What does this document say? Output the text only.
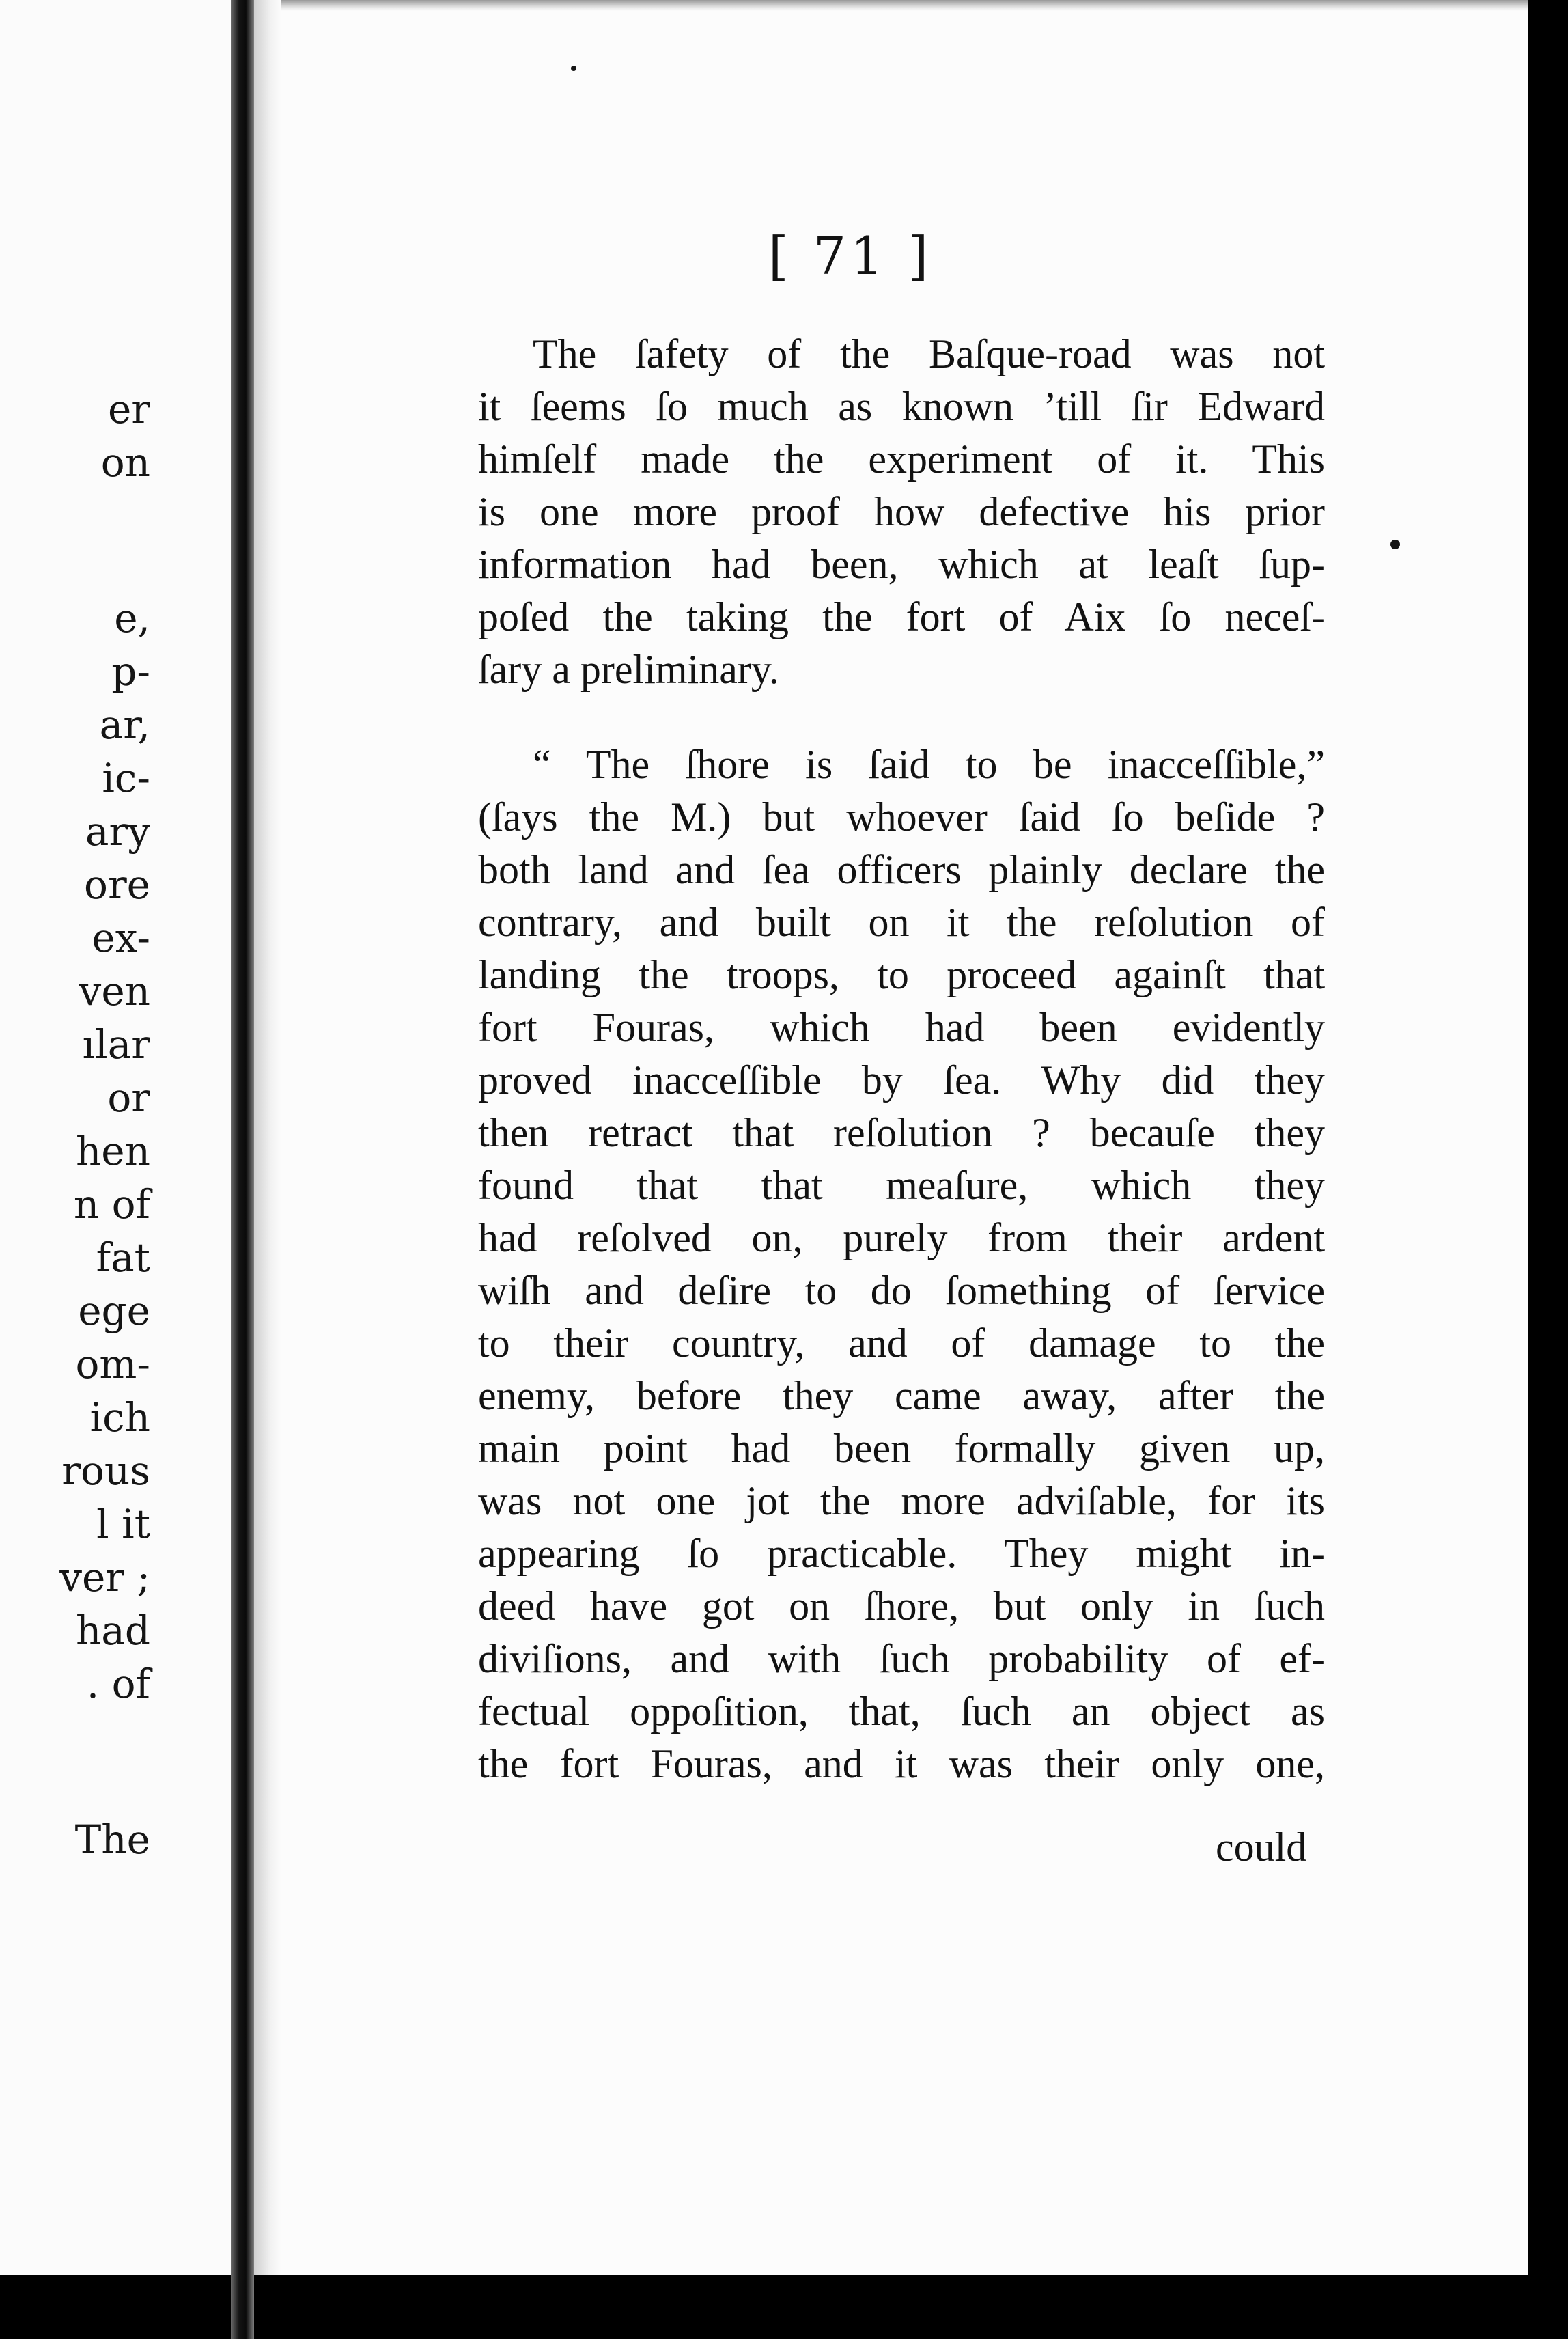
er
on
e,
p-
ar,
ic-
ary
ore
ex-
ven
ılar
or
hen
n of
fat
ege
om-
ich
rous
l it
ver ;
had
. of
The
[ 71 ]
The ſafety of the Baſque-road was not
it ſeems ſo much as known ’till ſir Edward
himſelf made the experiment of it. This
is one more proof how defective his prior
information had been, which at leaſt ſup-
poſed the taking the fort of Aix ſo neceſ-
ſary a preliminary.
“ The ſhore is ſaid to be inacceſſible,”
(ſays the M.) but whoever ſaid ſo beſide ?
both land and ſea officers plainly declare the
contrary, and built on it the reſolution of
landing the troops, to proceed againſt that
fort Fouras, which had been evidently
proved inacceſſible by ſea. Why did they
then retract that reſolution ? becauſe they
found that that meaſure, which they
had reſolved on, purely from their ardent
wiſh and deſire to do ſomething of ſervice
to their country, and of damage to the
enemy, before they came away, after the
main point had been formally given up,
was not one jot the more adviſable, for its
appearing ſo practicable. They might in-
deed have got on ſhore, but only in ſuch
diviſions, and with ſuch probability of ef-
fectual oppoſition, that, ſuch an object as
the fort Fouras, and it was their only one,
could
